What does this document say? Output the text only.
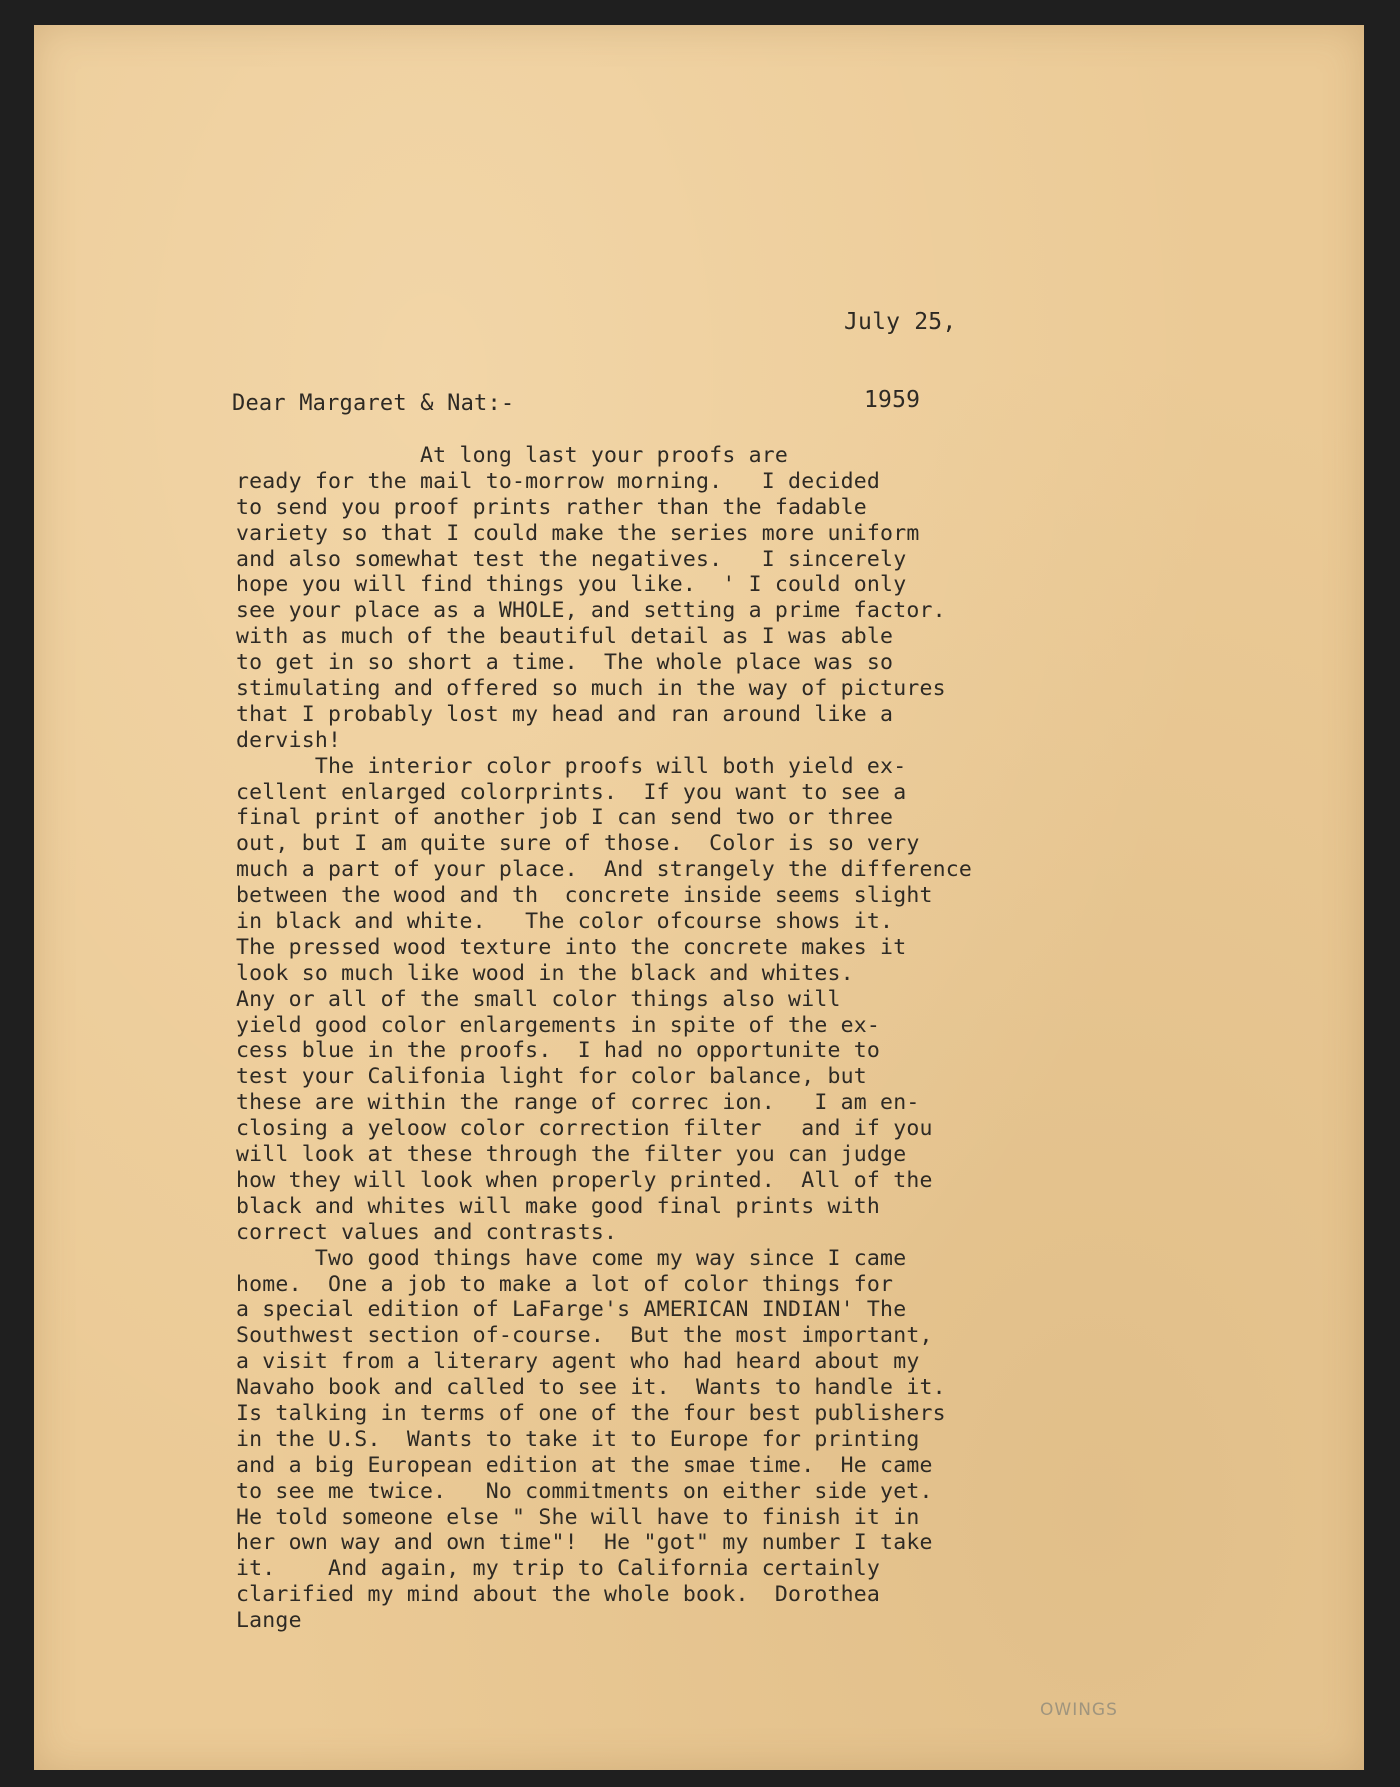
July 25,

1959

Dear Margaret & Nat:-
At long last your proofs are
ready for the mail to-morrow morning.   I decided
to send you proof prints rather than the fadable
variety so that I could make the series more uniform
and also somewhat test the negatives.   I sincerely
hope you will find things you like.  ' I could only
see your place as a WHOLE, and setting a prime factor.
with as much of the beautiful detail as I was able
to get in so short a time.  The whole place was so
stimulating and offered so much in the way of pictures
that I probably lost my head and ran around like a
dervish!
The interior color proofs will both yield ex-
cellent enlarged colorprints.  If you want to see a
final print of another job I can send two or three
out, but I am quite sure of those.  Color is so very
much a part of your place.  And strangely the difference
between the wood and th  concrete inside seems slight
in black and white.   The color ofcourse shows it.
The pressed wood texture into the concrete makes it
look so much like wood in the black and whites.
Any or all of the small color things also will
yield good color enlargements in spite of the ex-
cess blue in the proofs.  I had no opportunite to
test your Califonia light for color balance, but
these are within the range of correc ion.   I am en-
closing a yeloow color correction filter   and if you
will look at these through the filter you can judge
how they will look when properly printed.  All of the
black and whites will make good final prints with
correct values and contrasts.
Two good things have come my way since I came
home.  One a job to make a lot of color things for
a special edition of LaFarge's AMERICAN INDIAN' The
Southwest section of-course.  But the most important,
a visit from a literary agent who had heard about my
Navaho book and called to see it.  Wants to handle it.
Is talking in terms of one of the four best publishers
in the U.S.  Wants to take it to Europe for printing
and a big European edition at the smae time.  He came
to see me twice.   No commitments on either side yet.
He told someone else " She will have to finish it in
her own way and own time"!  He "got" my number I take
it.    And again, my trip to California certainly
clarified my mind about the whole book.  Dorothea
Lange
OWINGS
